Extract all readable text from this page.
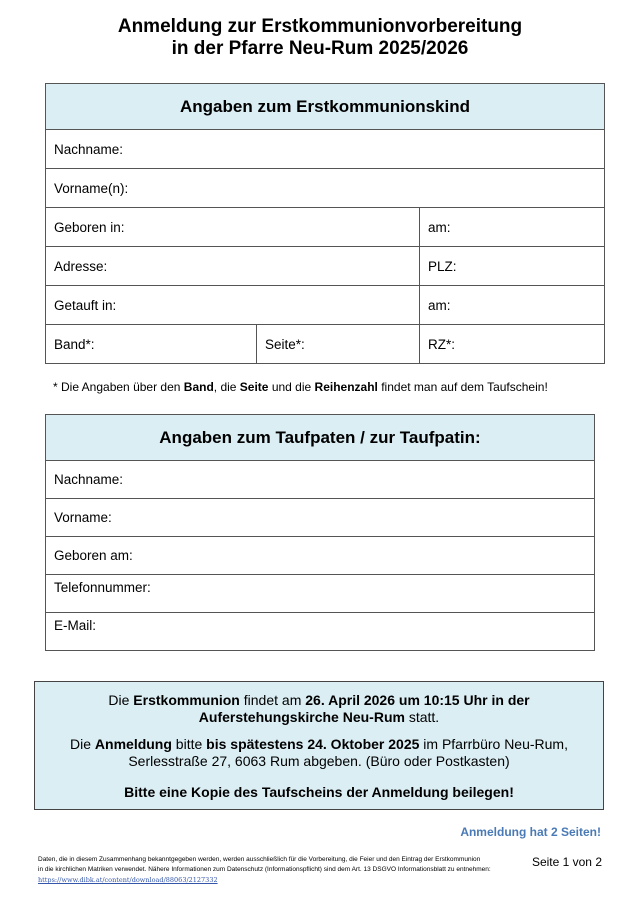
Anmeldung zur Erstkommunionvorbereitung
in der Pfarre Neu-Rum 2025/2026
Angaben zum Erstkommunionskind		
Nachname:		
Vorname(n):		
Geboren in:		am:
Adresse:		PLZ:
Getauft in:		am:
Band*:	Seite*:	RZ*:
* Die Angaben über den Band, die Seite und die Reihenzahl findet man auf dem Taufschein!
Angaben zum Taufpaten / zur Taufpatin:
Nachname:
Vorname:
Geboren am:
Telefonnummer:
E-Mail:

Die Erstkommunion findet am 26. April 2026 um 10:15 Uhr in der

Auferstehungskirche Neu-Rum statt.

Die Anmeldung bitte bis spätestens 24. Oktober 2025 im Pfarrbüro Neu-Rum,

Serlesstraße 27, 6063 Rum abgeben. (Büro oder Postkasten)

Bitte eine Kopie des Taufscheins der Anmeldung beilegen!

Anmeldung hat 2 Seiten!
Daten, die in diesem Zusammenhang bekanntgegeben werden, werden ausschließlich für die Vorbereitung, die Feier und den Eintrag der Erstkommunion
in die kirchlichen Matriken verwendet. Nähere Informationen zum Datenschutz (Informationspflicht) sind dem Art. 13 DSGVO Informationsblatt zu entnehmen:
https://www.dibk.at/content/download/88063/2127332
Seite 1 von 2
